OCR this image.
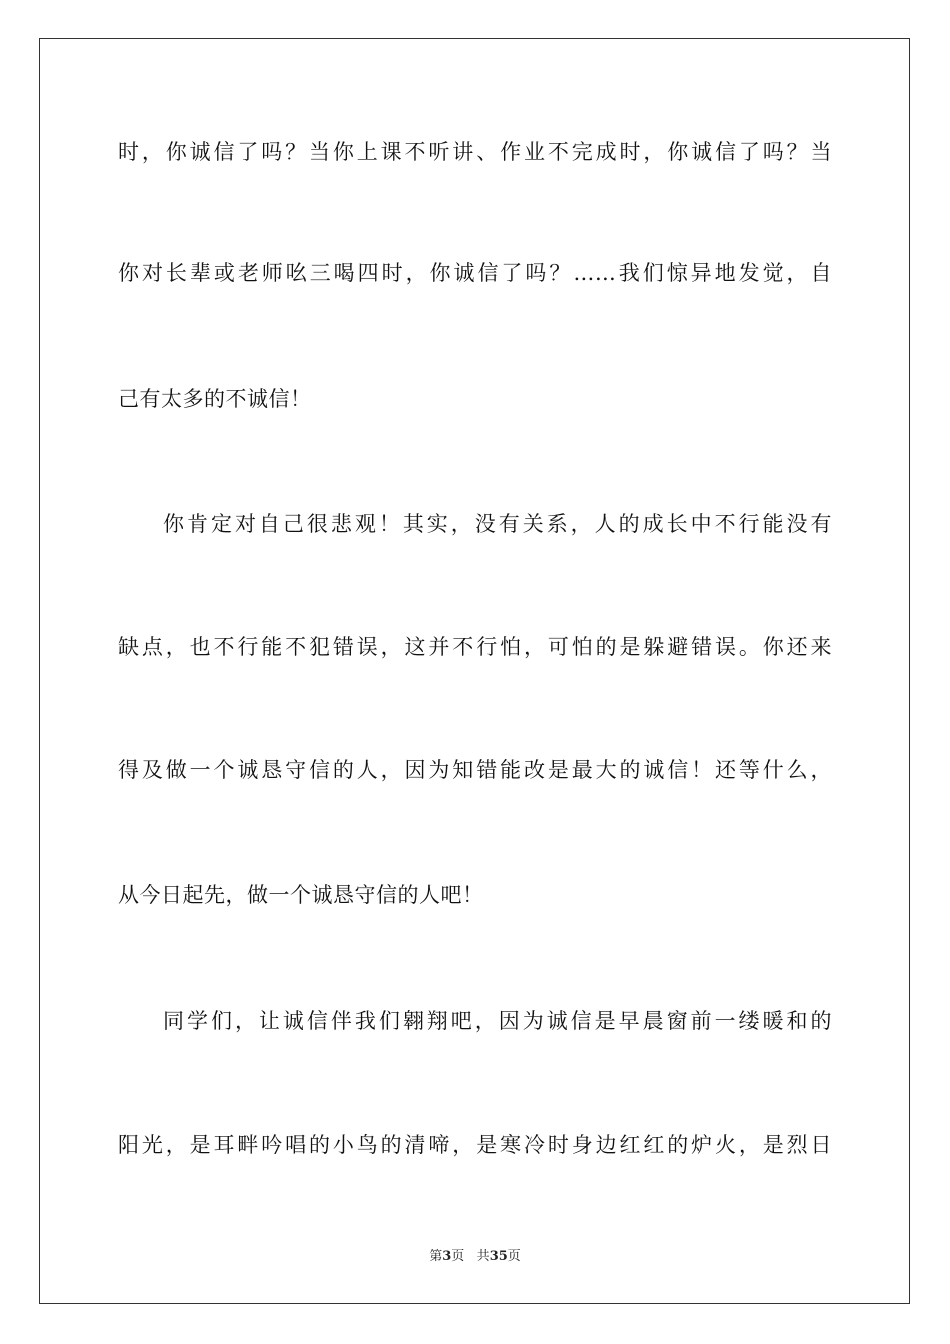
时，你诚信了吗？当你上课不听讲、作业不完成时，你诚信了吗？当

你对长辈或老师吆三喝四时，你诚信了吗？……我们惊异地发觉，自

己有太多的不诚信！

你肯定对自己很悲观！其实，没有关系，人的成长中不行能没有

缺点，也不行能不犯错误，这并不行怕，可怕的是躲避错误。你还来

得及做一个诚恳守信的人，因为知错能改是最大的诚信！还等什么，

从今日起先，做一个诚恳守信的人吧！

同学们，让诚信伴我们翱翔吧，因为诚信是早晨窗前一缕暖和的

阳光，是耳畔吟唱的小鸟的清啼，是寒冷时身边红红的炉火，是烈日

第3页 共35页
